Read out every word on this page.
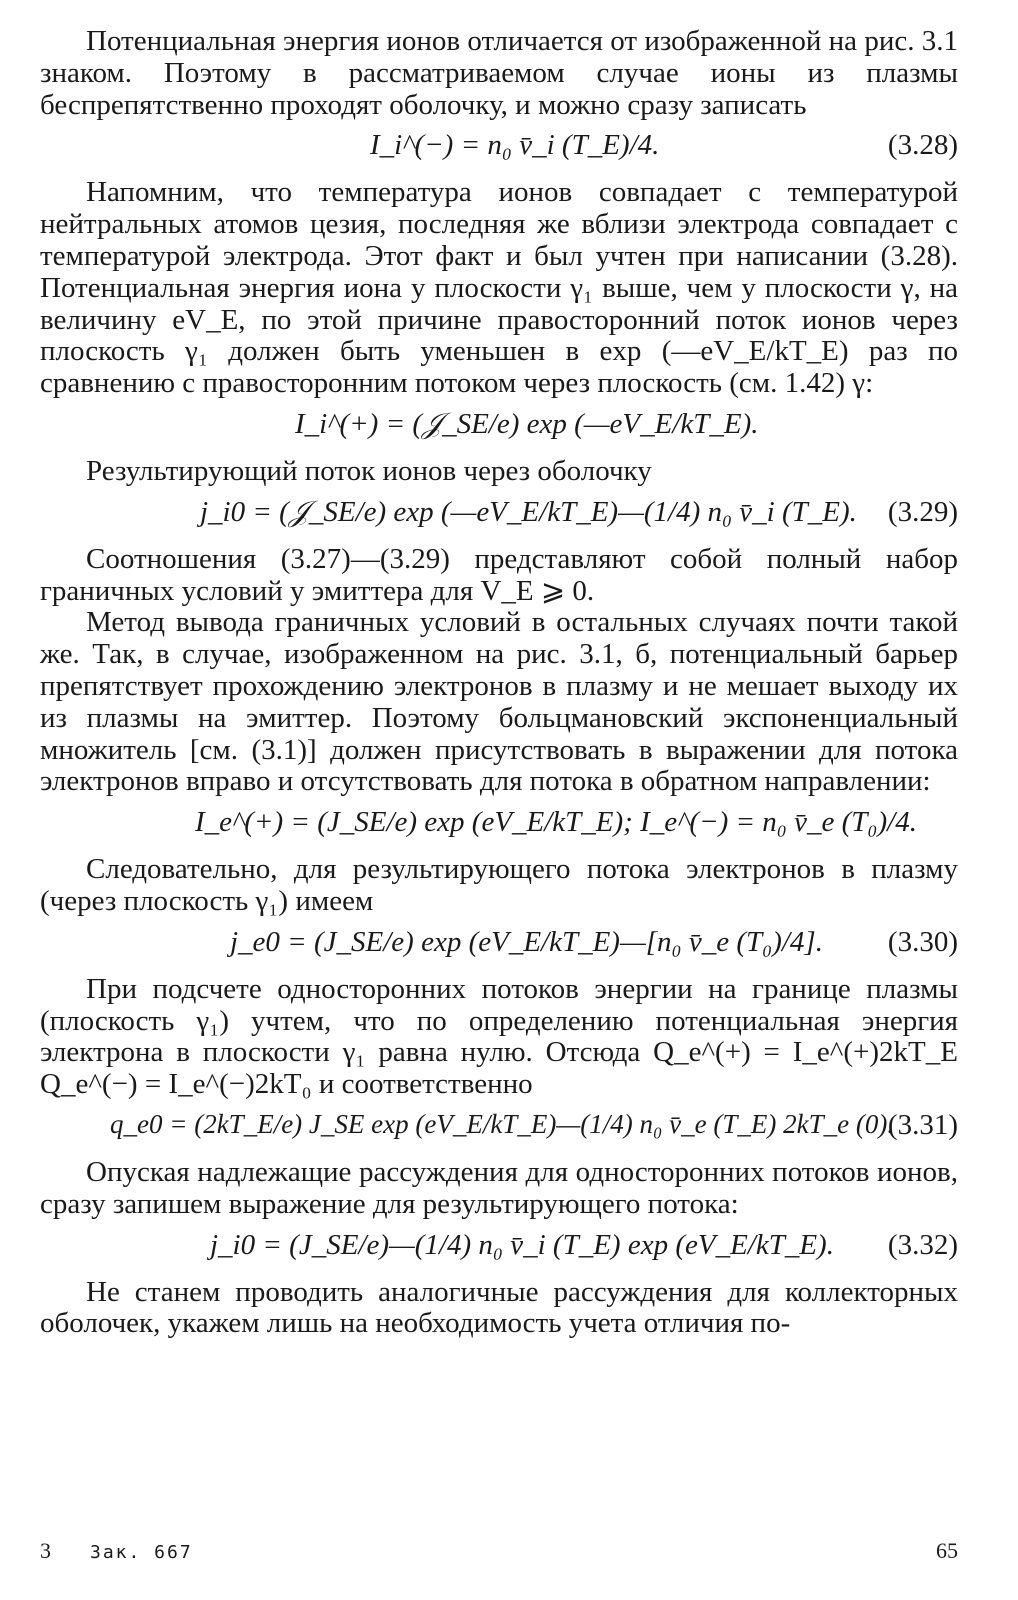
Потенциальная энергия ионов отличается от изображенной на рис. 3.1 знаком. Поэтому в рассматриваемом случае ионы из плазмы беспрепятственно проходят оболочку, и можно сразу записать

I_i^(−) = n₀ v̄_i (T_E)/4.	(3.28)

Напомним, что температура ионов совпадает с температурой нейтральных атомов цезия, последняя же вблизи электрода совпадает с температурой электрода. Этот факт и был учтен при написании (3.28). Потенциальная энергия иона у плоскости γ₁ выше, чем у плоскости γ, на величину eV_E, по этой причине правосторонний поток ионов через плоскость γ₁ должен быть уменьшен в exp (—eV_E/kT_E) раз по сравнению с правосторонним потоком через плоскость (см. 1.42) γ:

I_i^(+) = (𝒥_SE/e) exp (—eV_E/kT_E).

Результирующий поток ионов через оболочку

j_i0 = (𝒥_SE/e) exp (—eV_E/kT_E)—(1/4) n₀ v̄_i (T_E). (3.29)

Соотношения (3.27)—(3.29) представляют собой полный набор граничных условий у эмиттера для V_E ⩾ 0.

Метод вывода граничных условий в остальных случаях почти такой же. Так, в случае, изображенном на рис. 3.1, б, потенциальный барьер препятствует прохождению электронов в плазму и не мешает выходу их из плазмы на эмиттер. Поэтому больцмановский экспоненциальный множитель [см. (3.1)] должен присутствовать в выражении для потока электронов вправо и отсутствовать для потока в обратном направлении:

I_e^(+) = (J_SE/e) exp (eV_E/kT_E); I_e^(−) = n₀ v̄_e (T₀)/4.

Следовательно, для результирующего потока электронов в плазму (через плоскость γ₁) имеем

j_e0 = (J_SE/e) exp (eV_E/kT_E)—[n₀ v̄_e (T₀)/4]. (3.30)

При подсчете односторонних потоков энергии на границе плазмы (плоскость γ₁) учтем, что по определению потенциальная энергия электрона в плоскости γ₁ равна нулю. Отсюда Q_e^(+) = I_e^(+)2kT_E Q_e^(−) = I_e^(−)2kT₀ и соответственно

q_e0 = (2kT_E/e) J_SE exp (eV_E/kT_E)—(1/4) n₀ v̄_e (T_E) 2kT_e (0).
(3.31)

Опуская надлежащие рассуждения для односторонних потоков ионов, сразу запишем выражение для результирующего потока:

j_i0 = (J_SE/e)—(1/4) n₀ v̄_i (T_E) exp (eV_E/kT_E). (3.32)

Не станем проводить аналогичные рассуждения для коллекторных оболочек, укажем лишь на необходимость учета отличия по-

3 Зак. 667	65
